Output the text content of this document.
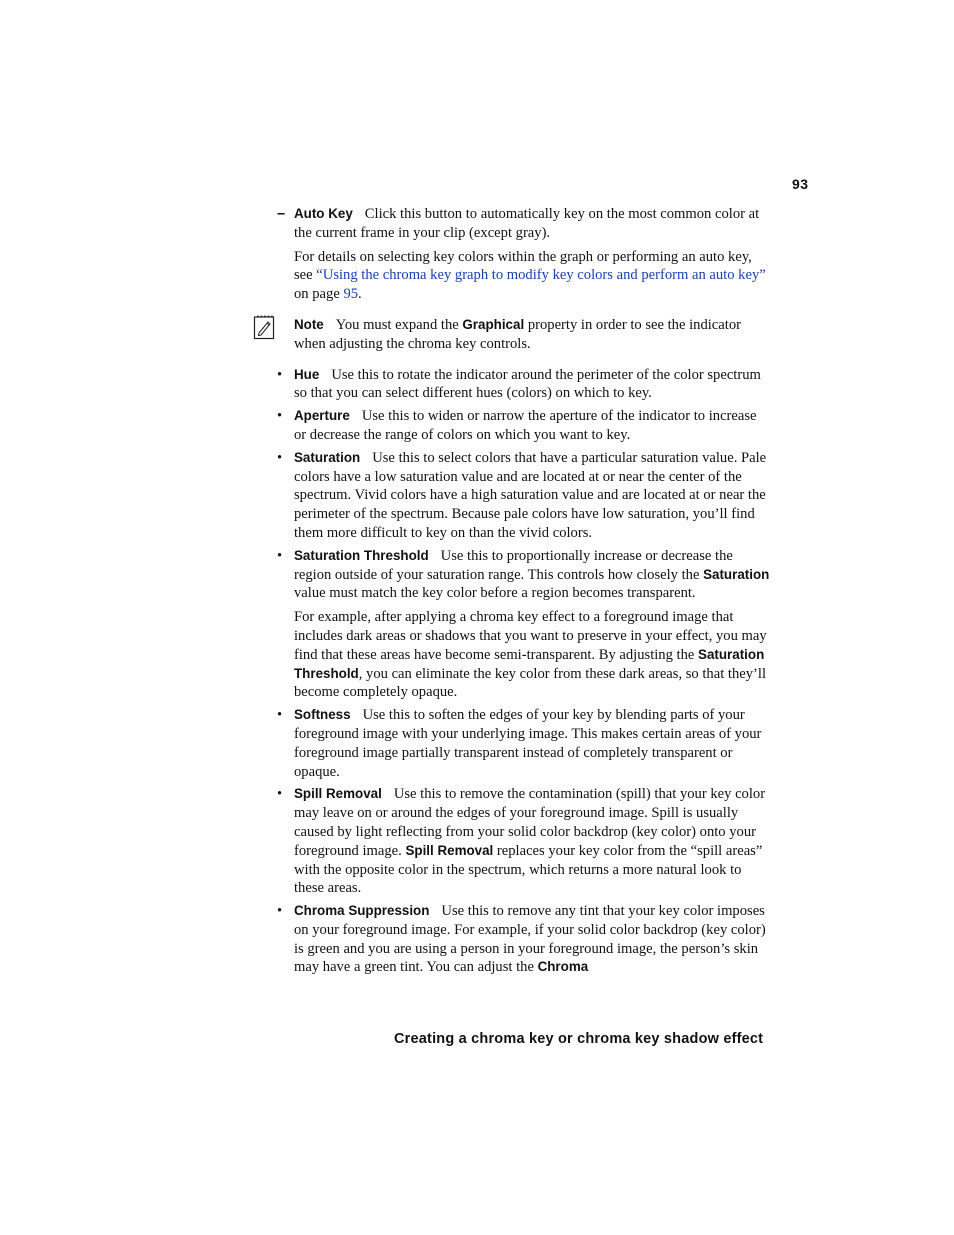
93
– Auto Key Click this button to automatically key on the most common color at the current frame in your clip (except gray).

For details on selecting key colors within the graph or performing an auto key, see “Using the chroma key graph to modify key colors and perform an auto key” on page 95.

Note You must expand the Graphical property in order to see the indicator when adjusting the chroma key controls.
• Hue Use this to rotate the indicator around the perimeter of the color spectrum so that you can select different hues (colors) on which to key.
• Aperture Use this to widen or narrow the aperture of the indicator to increase or decrease the range of colors on which you want to key.
• Saturation Use this to select colors that have a particular saturation value. Pale colors have a low saturation value and are located at or near the center of the spectrum. Vivid colors have a high saturation value and are located at or near the perimeter of the spectrum. Because pale colors have low saturation, you’ll find them more difficult to key on than the vivid colors.
• Saturation Threshold Use this to proportionally increase or decrease the region outside of your saturation range. This controls how closely the Saturation value must match the key color before a region becomes transparent.

For example, after applying a chroma key effect to a foreground image that includes dark areas or shadows that you want to preserve in your effect, you may find that these areas have become semi-transparent. By adjusting the Saturation Threshold, you can eliminate the key color from these dark areas, so that they’ll become completely opaque.

• Softness Use this to soften the edges of your key by blending parts of your foreground image with your underlying image. This makes certain areas of your foreground image partially transparent instead of completely transparent or opaque.
• Spill Removal Use this to remove the contamination (spill) that your key color may leave on or around the edges of your foreground image. Spill is usually caused by light reflecting from your solid color backdrop (key color) onto your foreground image. Spill Removal replaces your key color from the “spill areas” with the opposite color in the spectrum, which returns a more natural look to these areas.
• Chroma Suppression Use this to remove any tint that your key color imposes on your foreground image. For example, if your solid color backdrop (key color) is green and you are using a person in your foreground image, the person’s skin may have a green tint. You can adjust the Chroma
Creating a chroma key or chroma key shadow effect
